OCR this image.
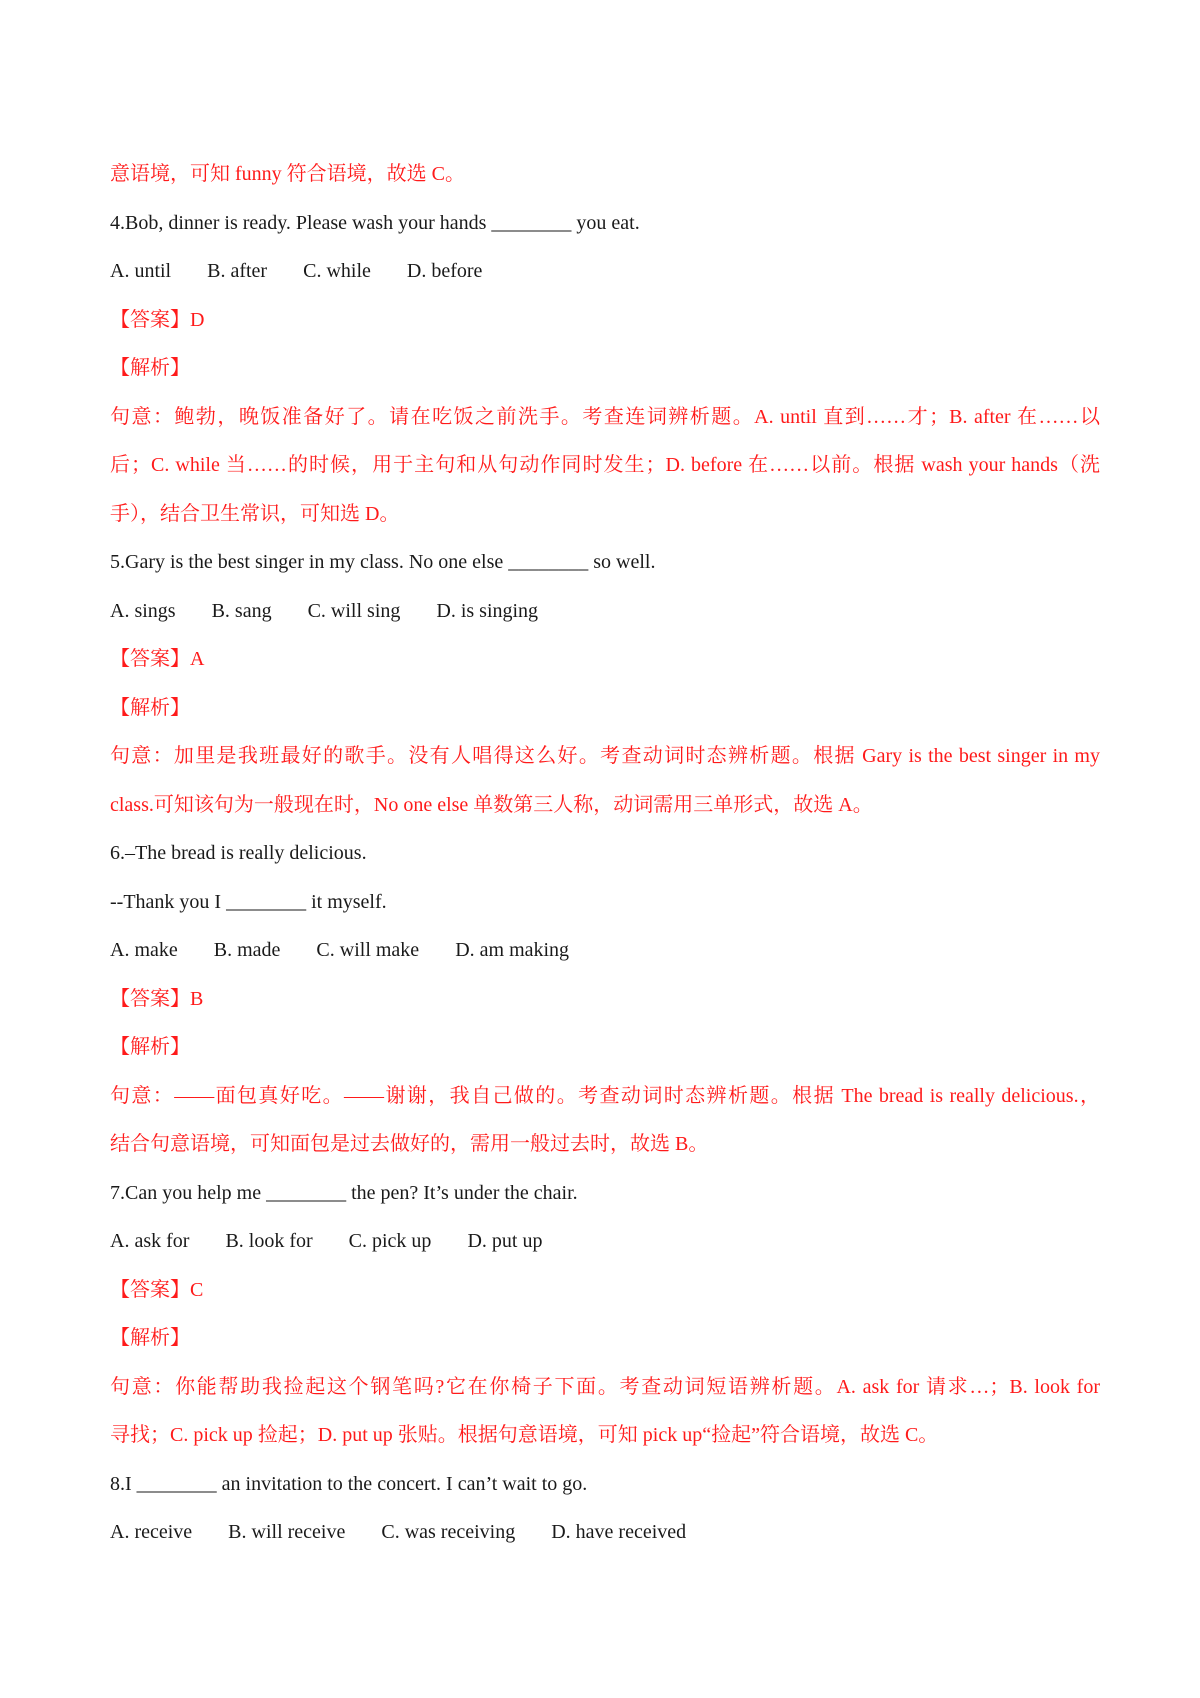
意语境，可知 funny 符合语境，故选 C。
4.Bob, dinner is ready. Please wash your hands ________ you eat.
A. until B. after C. while D. before
【答案】D
【解析】
句意：鲍勃，晚饭准备好了。请在吃饭之前洗手。考查连词辨析题。A. until 直到……才；B. after 在……以
后；C. while 当……的时候，用于主句和从句动作同时发生；D. before 在……以前。根据 wash your hands（洗
手），结合卫生常识，可知选 D。
5.Gary is the best singer in my class. No one else ________ so well.
A. sings B. sang C. will sing D. is singing
【答案】A
【解析】
句意：加里是我班最好的歌手。没有人唱得这么好。考查动词时态辨析题。根据 Gary is the best singer in my
class.可知该句为一般现在时，No one else 单数第三人称，动词需用三单形式，故选 A。
6.–The bread is really delicious.
--Thank you I ________ it myself.
A. make B. made C. will make D. am making
【答案】B
【解析】
句意：——面包真好吃。——谢谢，我自己做的。考查动词时态辨析题。根据 The bread is really delicious.，
结合句意语境，可知面包是过去做好的，需用一般过去时，故选 B。
7.Can you help me ________ the pen? It’s under the chair.
A. ask for B. look for C. pick up D. put up
【答案】C
【解析】
句意：你能帮助我捡起这个钢笔吗?它在你椅子下面。考查动词短语辨析题。A. ask for 请求…；B. look for
寻找；C. pick up 捡起；D. put up 张贴。根据句意语境，可知 pick up“捡起”符合语境，故选 C。
8.I ________ an invitation to the concert. I can’t wait to go.
A. receive B. will receive C. was receiving D. have received
